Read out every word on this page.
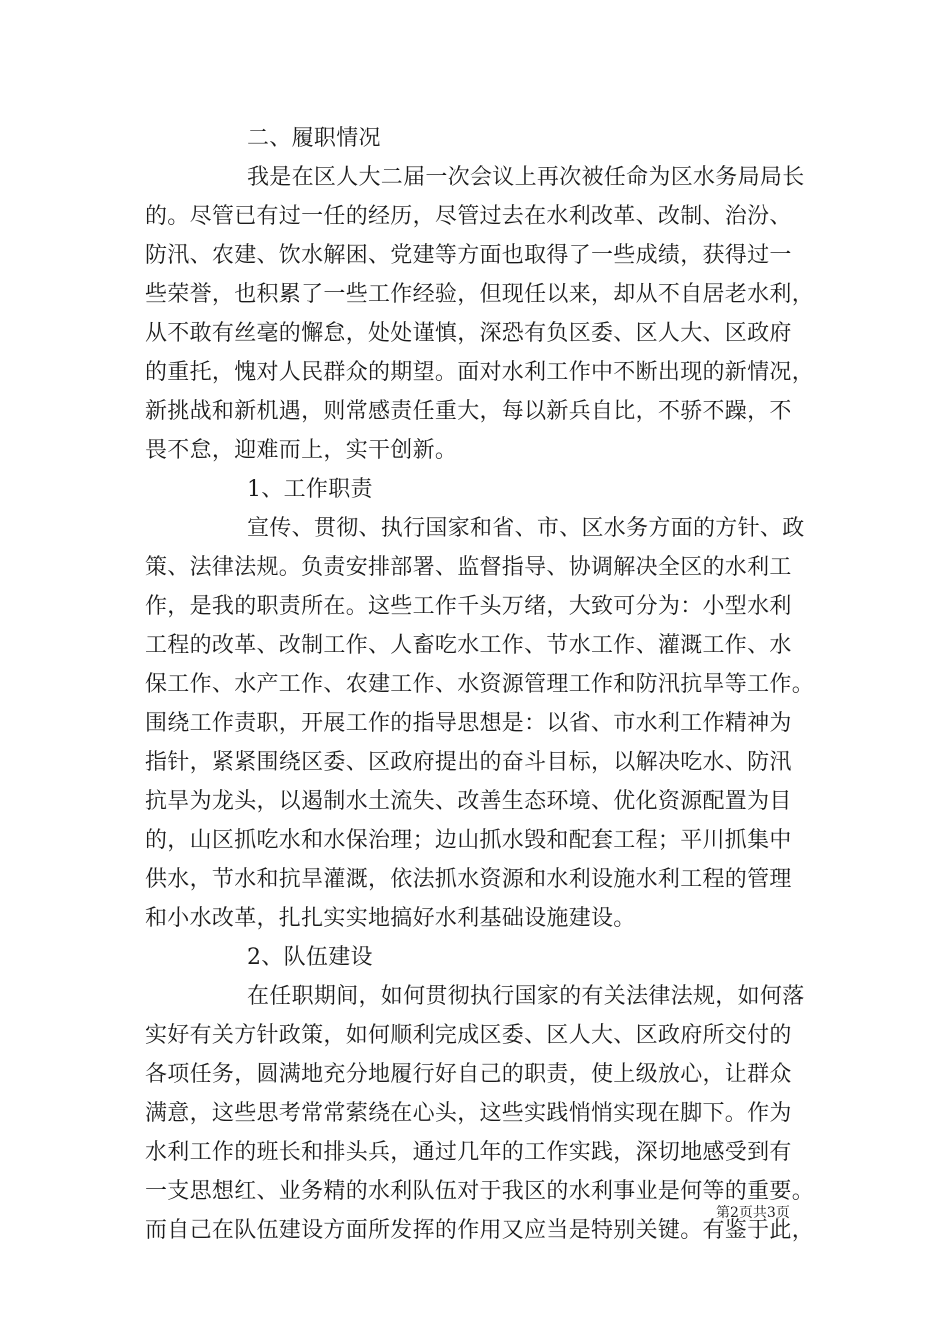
二、履职情况
我是在区人大二届一次会议上再次被任命为区水务局局长
的。尽管已有过一任的经历，尽管过去在水利改革、改制、治汾、
防汛、农建、饮水解困、党建等方面也取得了一些成绩，获得过一
些荣誉，也积累了一些工作经验，但现任以来，却从不自居老水利，
从不敢有丝毫的懈怠，处处谨慎，深恐有负区委、区人大、区政府
的重托，愧对人民群众的期望。面对水利工作中不断出现的新情况，
新挑战和新机遇，则常感责任重大，每以新兵自比，不骄不躁，不
畏不怠，迎难而上，实干创新。
1、工作职责
宣传、贯彻、执行国家和省、市、区水务方面的方针、政
策、法律法规。负责安排部署、监督指导、协调解决全区的水利工
作，是我的职责所在。这些工作千头万绪，大致可分为：小型水利
工程的改革、改制工作、人畜吃水工作、节水工作、灌溉工作、水
保工作、水产工作、农建工作、水资源管理工作和防汛抗旱等工作。
围绕工作责职，开展工作的指导思想是：以省、市水利工作精神为
指针，紧紧围绕区委、区政府提出的奋斗目标，以解决吃水、防汛
抗旱为龙头，以遏制水土流失、改善生态环境、优化资源配置为目
的，山区抓吃水和水保治理；边山抓水毁和配套工程；平川抓集中
供水，节水和抗旱灌溉，依法抓水资源和水利设施水利工程的管理
和小水改革，扎扎实实地搞好水利基础设施建设。
2、队伍建设
在任职期间，如何贯彻执行国家的有关法律法规，如何落
实好有关方针政策，如何顺利完成区委、区人大、区政府所交付的
各项任务，圆满地充分地履行好自己的职责，使上级放心，让群众
满意，这些思考常常萦绕在心头，这些实践悄悄实现在脚下。作为
水利工作的班长和排头兵，通过几年的工作实践，深切地感受到有
一支思想红、业务精的水利队伍对于我区的水利事业是何等的重要。
而自己在队伍建设方面所发挥的作用又应当是特别关键。有鉴于此，
第2页共3页
